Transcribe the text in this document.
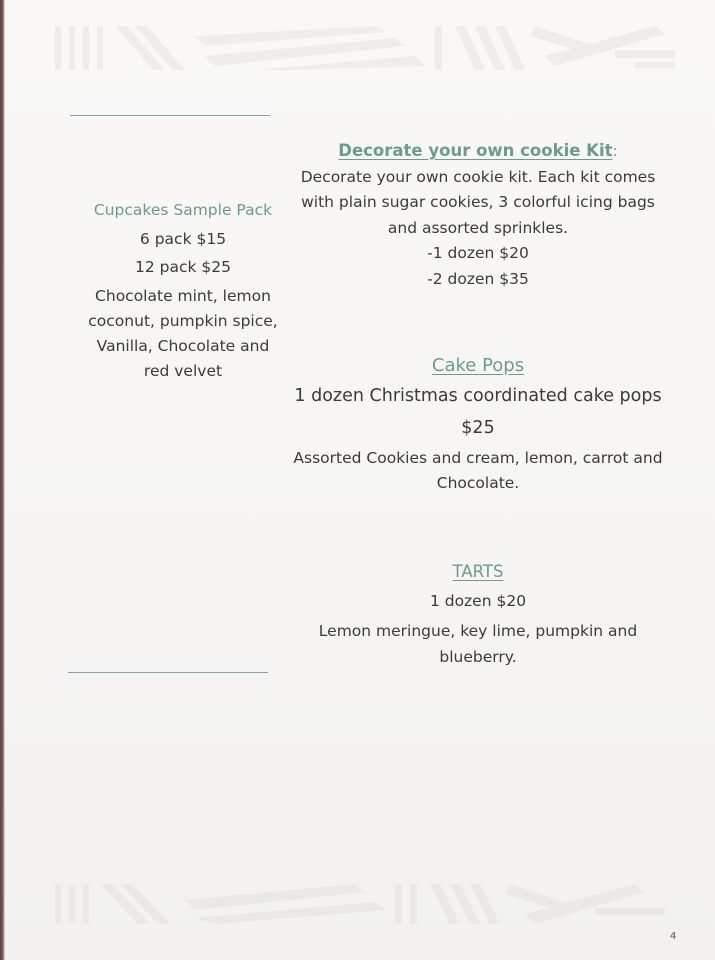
Cupcakes Sample Pack
6 pack $15
12 pack $25
Chocolate mint, lemon
coconut, pumpkin spice,
Vanilla, Chocolate and
red velvet
Decorate your own cookie Kit:
Decorate your own cookie kit. Each kit comes
with plain sugar cookies, 3 colorful icing bags
and assorted sprinkles.
-1 dozen $20
-2 dozen $35
Cake Pops
1 dozen Christmas coordinated cake pops
$25
Assorted Cookies and cream, lemon, carrot and
Chocolate.
TARTS
1 dozen $20
Lemon meringue, key lime, pumpkin and
blueberry.
4
